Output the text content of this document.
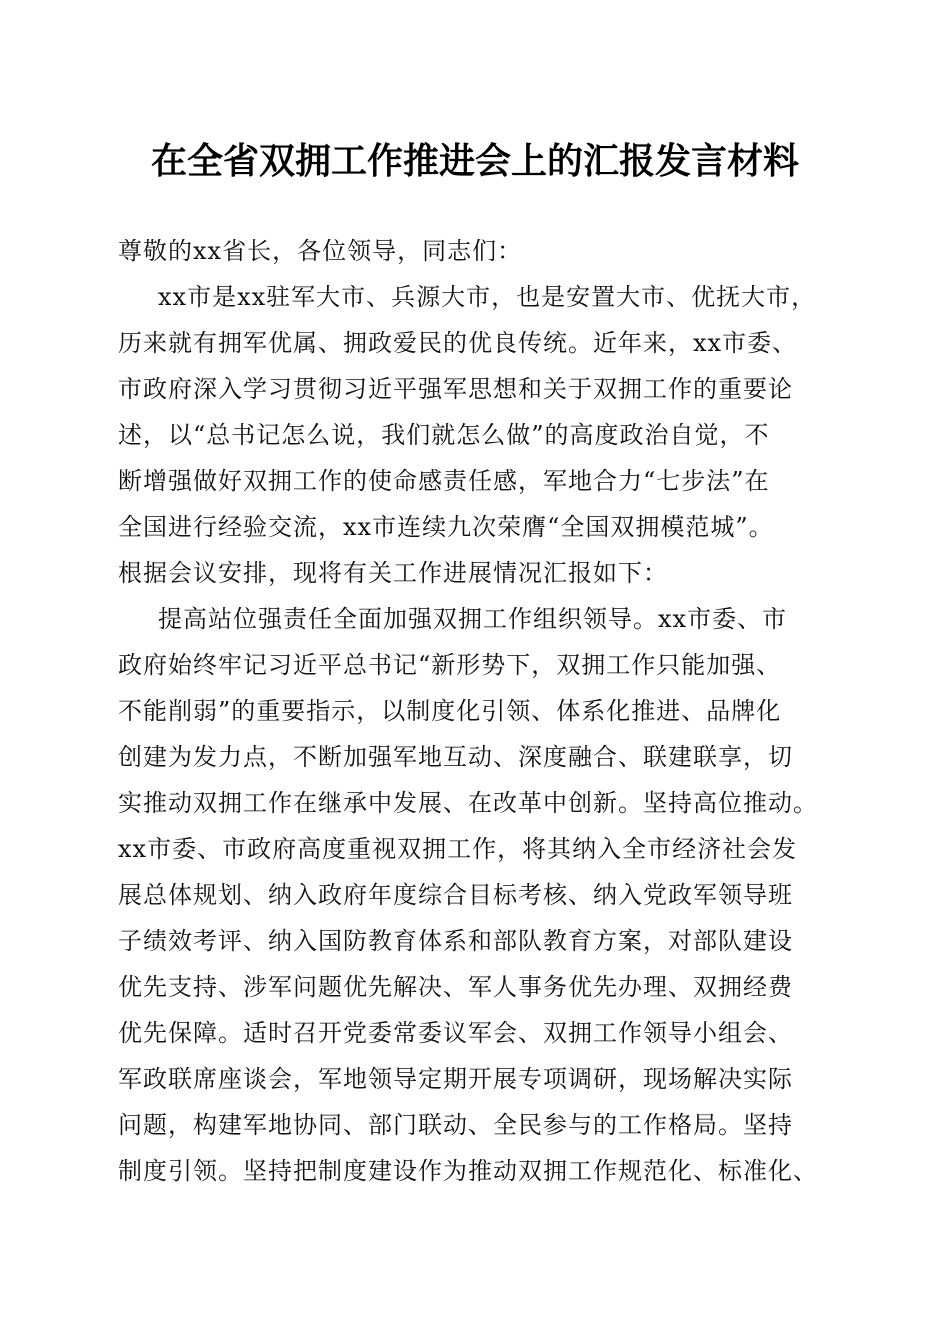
在全省双拥工作推进会上的汇报发言材料
尊敬的xx省长，各位领导，同志们：
xx市是xx驻军大市、兵源大市，也是安置大市、优抚大市，
历来就有拥军优属、拥政爱民的优良传统。近年来，xx市委、
市政府深入学习贯彻习近平强军思想和关于双拥工作的重要论
述，以“总书记怎么说，我们就怎么做”的高度政治自觉，不
断增强做好双拥工作的使命感责任感，军地合力“七步法”在
全国进行经验交流，xx市连续九次荣膺“全国双拥模范城”。
根据会议安排，现将有关工作进展情况汇报如下：
提高站位强责任全面加强双拥工作组织领导。xx市委、市
政府始终牢记习近平总书记“新形势下，双拥工作只能加强、
不能削弱”的重要指示，以制度化引领、体系化推进、品牌化
创建为发力点，不断加强军地互动、深度融合、联建联享，切
实推动双拥工作在继承中发展、在改革中创新。坚持高位推动。
xx市委、市政府高度重视双拥工作，将其纳入全市经济社会发
展总体规划、纳入政府年度综合目标考核、纳入党政军领导班
子绩效考评、纳入国防教育体系和部队教育方案，对部队建设
优先支持、涉军问题优先解决、军人事务优先办理、双拥经费
优先保障。适时召开党委常委议军会、双拥工作领导小组会、
军政联席座谈会，军地领导定期开展专项调研，现场解决实际
问题，构建军地协同、部门联动、全民参与的工作格局。坚持
制度引领。坚持把制度建设作为推动双拥工作规范化、标准化、
